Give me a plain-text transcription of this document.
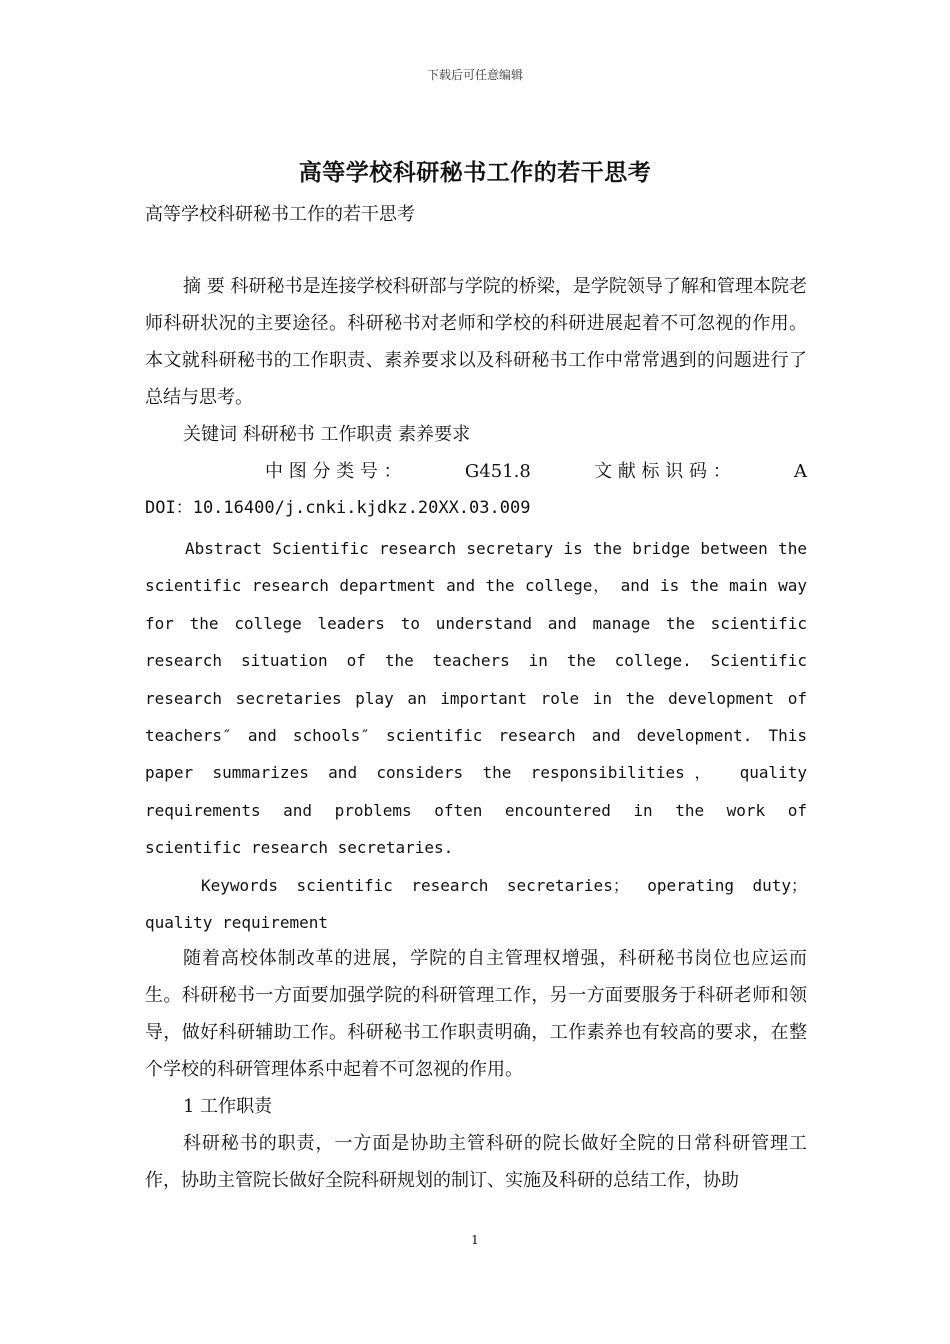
下载后可任意编辑
高等学校科研秘书工作的若干思考
高等学校科研秘书工作的若干思考

摘 要 科研秘书是连接学校科研部与学院的桥梁，是学院领导了解和管理本院老师科研状况的主要途径。科研秘书对老师和学校的科研进展起着不可忽视的作用。本文就科研秘书的工作职责、素养要求以及科研秘书工作中常常遇到的问题进行了总结与思考。

关键词 科研秘书 工作职责 素养要求

中 图 分 类 号 ：	G451.8	文 献 标 识 码 ：	A

DOI：10.16400/j.cnki.kjdkz.20XX.03.009

Abstract Scientific research secretary is the bridge between the scientific research department and the college， and is the main way for the college leaders to understand and manage the scientific research situation of the teachers in the college. Scientific research secretaries play an important role in the development of teachers″ and schools″ scientific research and development. This paper summarizes and considers the responsibilities， quality requirements and problems often encountered in the work of scientific research secretaries.

Keywords scientific research secretaries； operating duty； quality requirement

随着高校体制改革的进展，学院的自主管理权增强，科研秘书岗位也应运而生。科研秘书一方面要加强学院的科研管理工作，另一方面要服务于科研老师和领导，做好科研辅助工作。科研秘书工作职责明确，工作素养也有较高的要求，在整个学校的科研管理体系中起着不可忽视的作用。

1 工作职责

科研秘书的职责，一方面是协助主管科研的院长做好全院的日常科研管理工作，协助主管院长做好全院科研规划的制订、实施及科研的总结工作，协助

1
